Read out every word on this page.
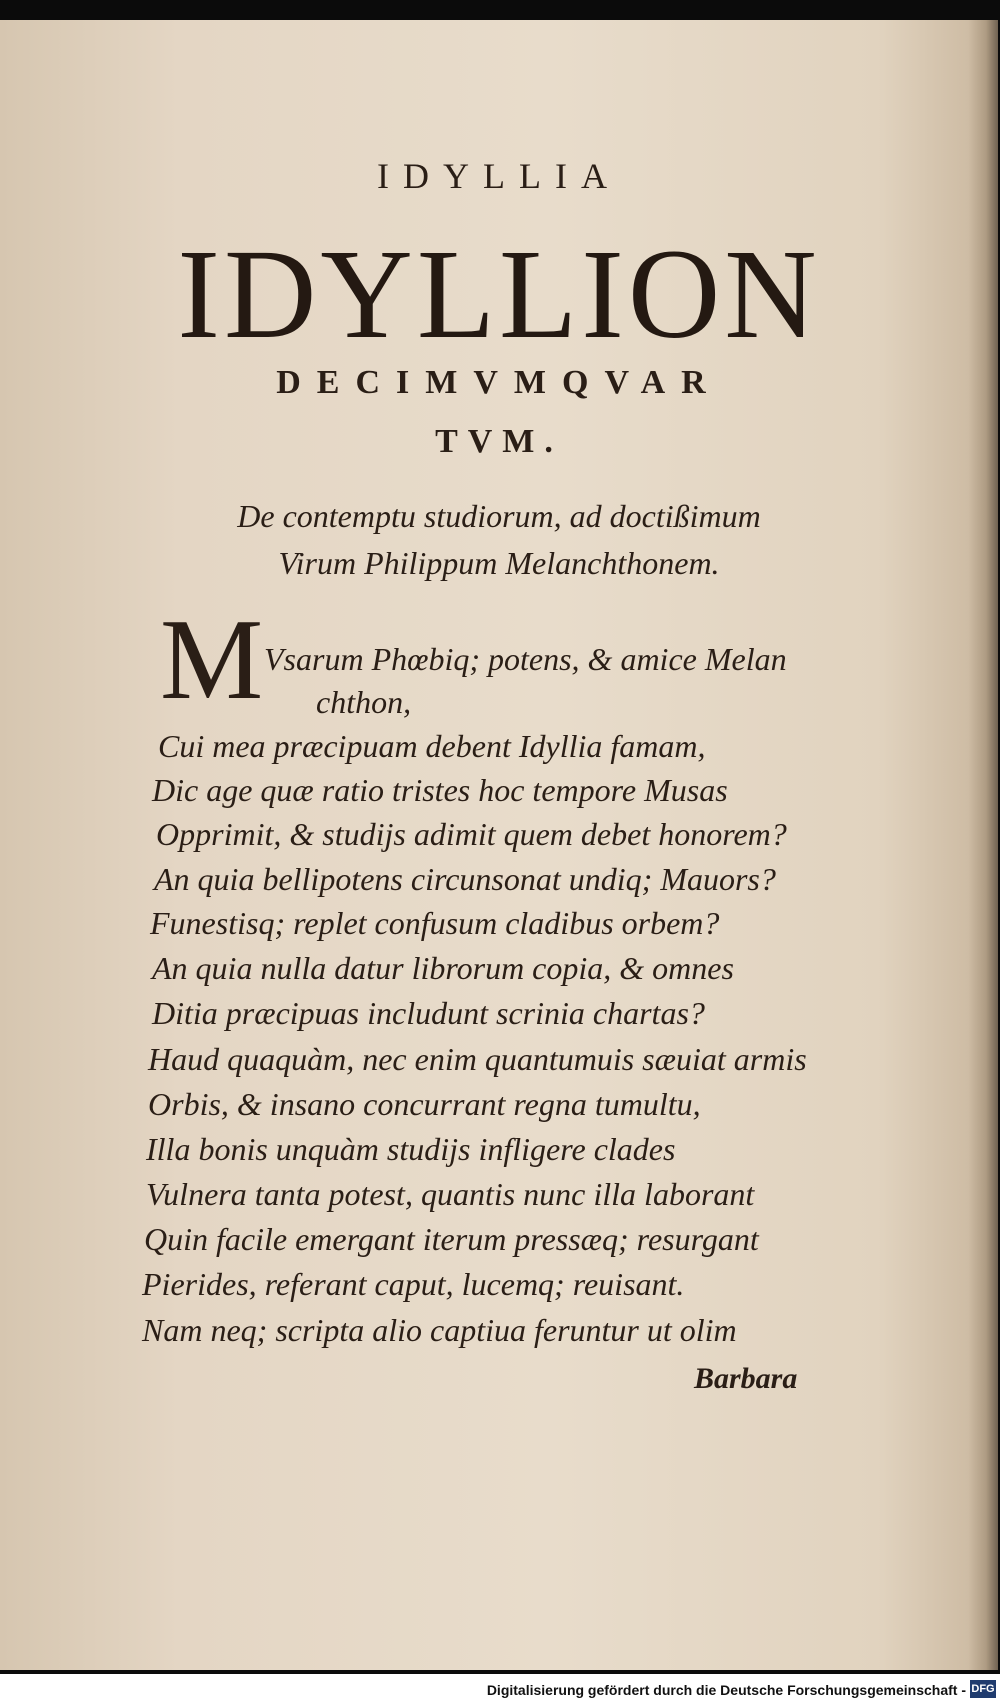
IDYLLIA
IDYLLION
DECIMVMQVAR
TVM.
De contemptu studiorum, ad doctißimum
Virum Philippum Melanchthonem.
M Vsarum Phœbiq; potens, & amice Melan
chthon,
Cui mea præcipuam debent Idyllia famam,
Dic age quæ ratio tristes hoc tempore Musas
Opprimit, & studijs adimit quem debet honorem?
An quia bellipotens circunsonat undiq; Mauors?
Funestisq; replet confusum cladibus orbem?
An quia nulla datur librorum copia, & omnes
Ditia præcipuas includunt scrinia chartas?
Haud quaquàm, nec enim quantumuis sæuiat armis
Orbis, & insano concurrant regna tumultu,
Illa bonis unquàm studijs infligere clades
Vulnera tanta potest, quantis nunc illa laborant
Quin facile emergant iterum pressæq; resurgant
Pierides, referant caput, lucemq; reuisant.
Nam neq; scripta alio captiua feruntur ut olim
Barbara
Digitalisierung gefördert durch die Deutsche Forschungsgemeinschaft - DFG
